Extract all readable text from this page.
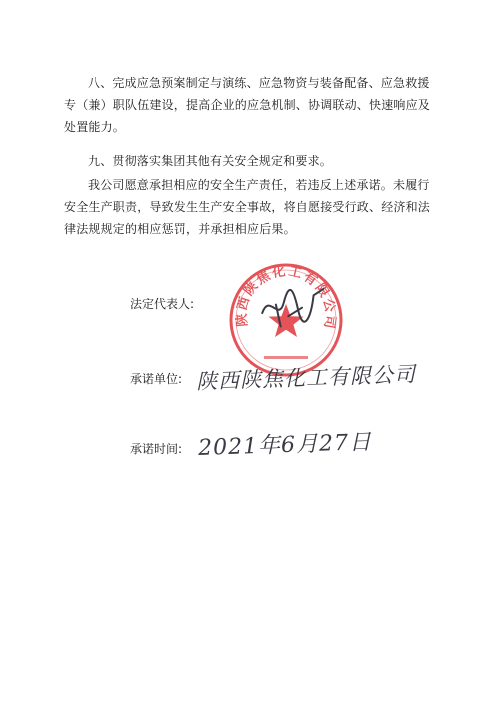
八、完成应急预案制定与演练、应急物资与装备配备、应急救援专（兼）职队伍建设，提高企业的应急机制、协调联动、快速响应及处置能力。

九、贯彻落实集团其他有关安全规定和要求。

我公司愿意承担相应的安全生产责任，若违反上述承诺。未履行安全生产职责，导致发生生产安全事故，将自愿接受行政、经济和法律法规规定的相应惩罚，并承担相应后果。

法定代表人:
承诺单位:
承诺时间:
陕西陕焦化工有限公司
陕西陕焦化工有限公司
2021年6月27日
